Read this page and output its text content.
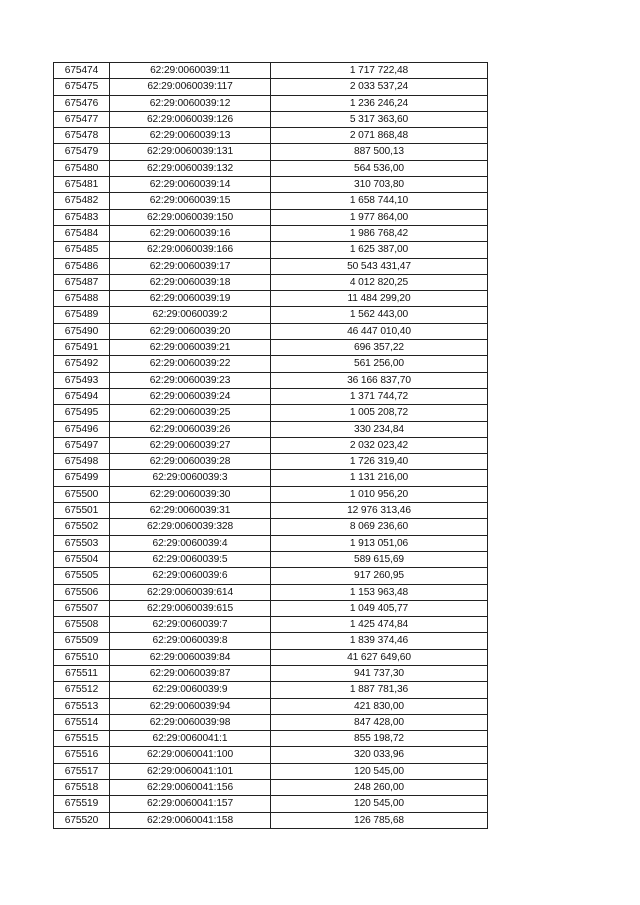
675474	62:29:0060039:11	1 717 722,48
675475	62:29:0060039:117	2 033 537,24
675476	62:29:0060039:12	1 236 246,24
675477	62:29:0060039:126	5 317 363,60
675478	62:29:0060039:13	2 071 868,48
675479	62:29:0060039:131	887 500,13
675480	62:29:0060039:132	564 536,00
675481	62:29:0060039:14	310 703,80
675482	62:29:0060039:15	1 658 744,10
675483	62:29:0060039:150	1 977 864,00
675484	62:29:0060039:16	1 986 768,42
675485	62:29:0060039:166	1 625 387,00
675486	62:29:0060039:17	50 543 431,47
675487	62:29:0060039:18	4 012 820,25
675488	62:29:0060039:19	11 484 299,20
675489	62:29:0060039:2	1 562 443,00
675490	62:29:0060039:20	46 447 010,40
675491	62:29:0060039:21	696 357,22
675492	62:29:0060039:22	561 256,00
675493	62:29:0060039:23	36 166 837,70
675494	62:29:0060039:24	1 371 744,72
675495	62:29:0060039:25	1 005 208,72
675496	62:29:0060039:26	330 234,84
675497	62:29:0060039:27	2 032 023,42
675498	62:29:0060039:28	1 726 319,40
675499	62:29:0060039:3	1 131 216,00
675500	62:29:0060039:30	1 010 956,20
675501	62:29:0060039:31	12 976 313,46
675502	62:29:0060039:328	8 069 236,60
675503	62:29:0060039:4	1 913 051,06
675504	62:29:0060039:5	589 615,69
675505	62:29:0060039:6	917 260,95
675506	62:29:0060039:614	1 153 963,48
675507	62:29:0060039:615	1 049 405,77
675508	62:29:0060039:7	1 425 474,84
675509	62:29:0060039:8	1 839 374,46
675510	62:29:0060039:84	41 627 649,60
675511	62:29:0060039:87	941 737,30
675512	62:29:0060039:9	1 887 781,36
675513	62:29:0060039:94	421 830,00
675514	62:29:0060039:98	847 428,00
675515	62:29:0060041:1	855 198,72
675516	62:29:0060041:100	320 033,96
675517	62:29:0060041:101	120 545,00
675518	62:29:0060041:156	248 260,00
675519	62:29:0060041:157	120 545,00
675520	62:29:0060041:158	126 785,68
